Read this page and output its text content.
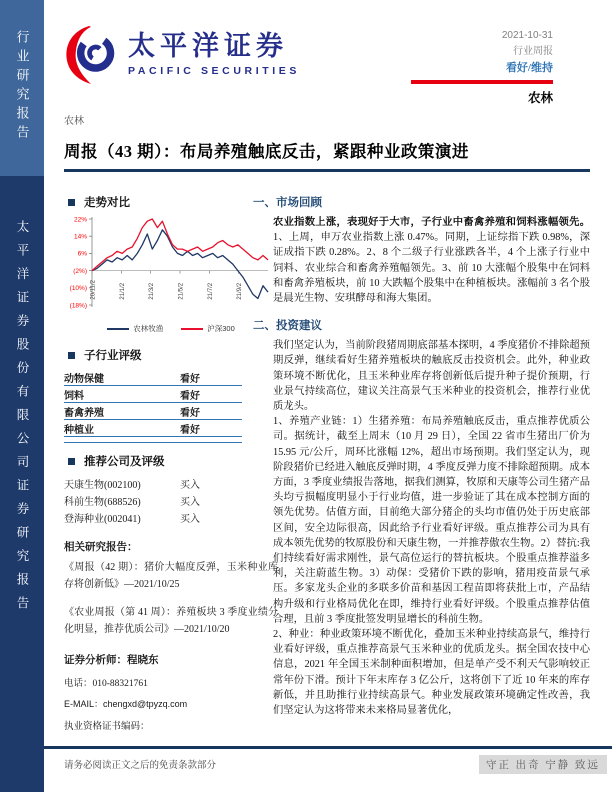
行业研究报告
太平洋证券股份有限公司证券研究报告
太平洋证券
PACIFIC SECURITIES
2021-10-31
行业周报
看好/维持
农林
农林
周报（43 期）：布局养殖触底反击，紧跟种业政策演进
走势对比
22%
14%
6%
(2%)
(10%)
(18%)
20/11/2	21/1/2	21/3/2	21/5/2	21/7/2	21/9/2
农林牧渔	沪深300
子行业评级
动物保健	看好
饲料	看好
畜禽养殖	看好
种植业	看好
推荐公司及评级
天康生物(002100)	买入
科前生物(688526)	买入
登海种业(002041)	买入
相关研究报告：
《周报（42 期）：猪价大幅度反弹，玉米种业库存将创新低》—2021/10/25
《农业周报（第 41 周）：养殖板块 3 季度业绩分化明显，推荐优质公司》—2021/10/20
证券分析师：程晓东
电话：010-88321761
E-MAIL：chengxd@tpyzq.com
执业资格证书编码：
一、市场回顾

农业指数上涨，表现好于大市，子行业中畜禽养殖和饲料涨幅领先。1、上周，申万农业指数上涨 0.47%。同期，上证综指下跌 0.98%，深证成指下跌 0.28%。2、8 个二级子行业涨跌各半，4 个上涨子行业中饲料、农业综合和畜禽养殖幅领先。3、前 10 大涨幅个股集中在饲料和畜禽养殖板块，前 10 大跌幅个股集中在种植板块。涨幅前 3 名个股是晨光生物、安琪酵母和海大集团。

二、投资建议

我们坚定认为，当前阶段猪周期底部基本探明，4 季度猪价不排除超预期反弹，继续看好生猪养殖板块的触底反击投资机会。此外，种业政策环境不断优化，且玉米种业库存将创新低后提升种子提价预期，行业景气持续高位，建议关注高景气玉米种业的投资机会，推荐行业优质龙头。

1、养殖产业链：1）生猪养殖：布局养殖触底反击，重点推荐优质公司。据统计，截至上周末（10 月 29 日），全国 22 省市生猪出厂价为 15.95 元/公斤，周环比涨幅 12%，超出市场预期。我们坚定认为，现阶段猪价已经进入触底反弹时期，4 季度反弹力度不排除超预期。成本方面，3 季度业绩报告落地，据我们测算，牧原和天康等公司生猪产品头均亏损幅度明显小于行业均值，进一步验证了其在成本控制方面的领先优势。估值方面，目前绝大部分猪企的头均市值仍处于历史底部区间，安全边际很高，因此给予行业看好评级。重点推荐公司为具有成本领先优势的牧原股份和天康生物，一并推荐傲农生物。2）替抗:我们持续看好需求刚性，景气高位运行的替抗板块。个股重点推荐溢多利，关注蔚蓝生物。3）动保：受猪价下跌的影响，猪用疫苗景气承压。多家龙头企业的多联多价苗和基因工程苗即将获批上市，产品结构升级和行业格局优化在即，维持行业看好评级。个股重点推荐估值合理，且前 3 季度批签发明显增长的科前生物。

2、种业：种业政策环境不断优化，叠加玉米种业持续高景气，维持行业看好评级，重点推荐高景气玉米种业的优质龙头。据全国农技中心信息，2021 年全国玉米制种面积增加，但是单产受不利天气影响较正常年份下滑。预计下年末库存 3 亿公斤，这将创下了近 10 年来的库存新低，并且助推行业持续高景气。种业发展政策环境确定性改善，我们坚定认为这将带来未来格局显著优化，

请务必阅读正文之后的免责条款部分	守正 出奇 宁静 致远
